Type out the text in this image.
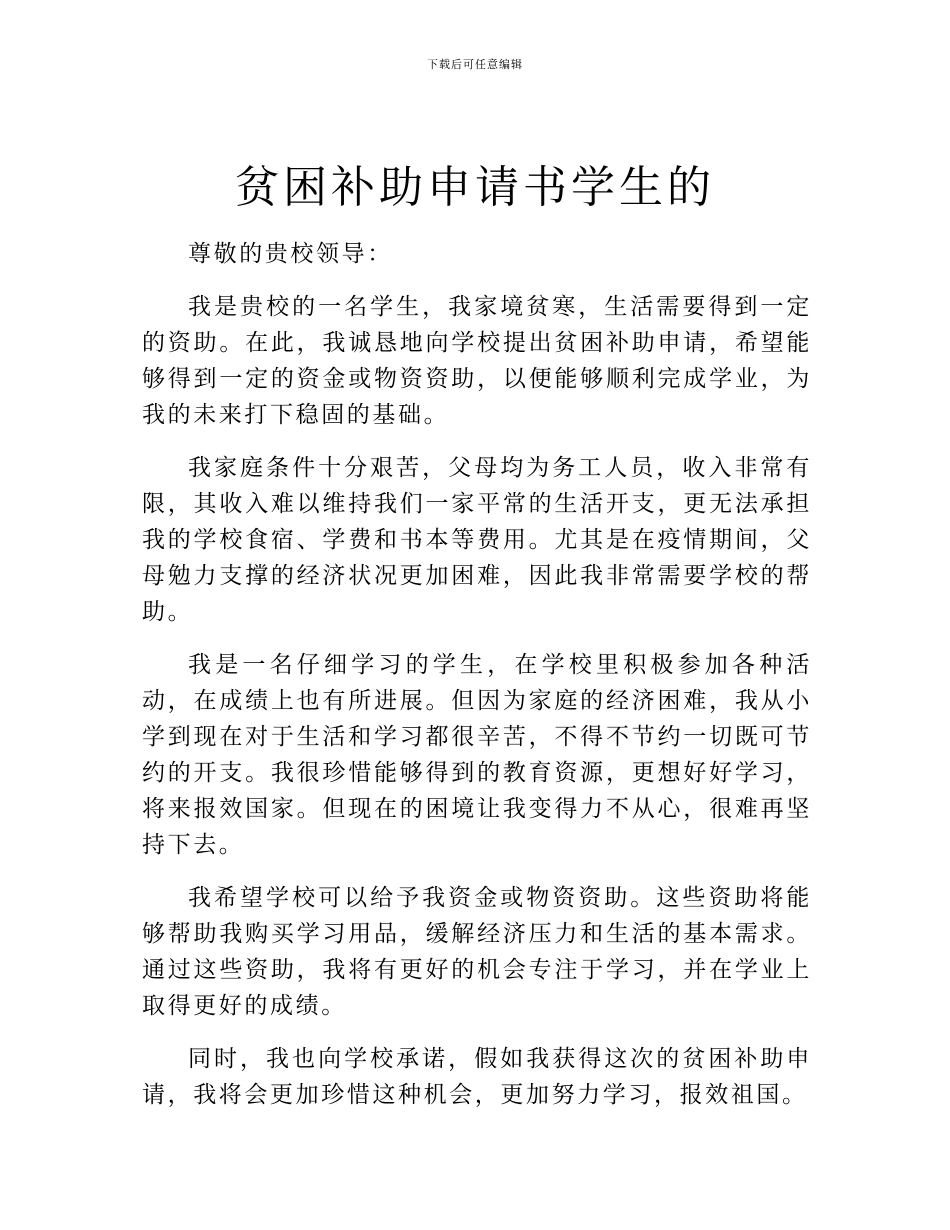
下载后可任意编辑
贫困补助申请书学生的

尊敬的贵校领导：

我是贵校的一名学生，我家境贫寒，生活需要得到一定的资助。在此，我诚恳地向学校提出贫困补助申请，希望能够得到一定的资金或物资资助，以便能够顺利完成学业，为我的未来打下稳固的基础。

我家庭条件十分艰苦，父母均为务工人员，收入非常有限，其收入难以维持我们一家平常的生活开支，更无法承担我的学校食宿、学费和书本等费用。尤其是在疫情期间，父母勉力支撑的经济状况更加困难，因此我非常需要学校的帮助。

我是一名仔细学习的学生，在学校里积极参加各种活动，在成绩上也有所进展。但因为家庭的经济困难，我从小学到现在对于生活和学习都很辛苦，不得不节约一切既可节约的开支。我很珍惜能够得到的教育资源，更想好好学习，将来报效国家。但现在的困境让我变得力不从心，很难再坚持下去。

我希望学校可以给予我资金或物资资助。这些资助将能够帮助我购买学习用品，缓解经济压力和生活的基本需求。通过这些资助，我将有更好的机会专注于学习，并在学业上取得更好的成绩。

同时，我也向学校承诺，假如我获得这次的贫困补助申请，我将会更加珍惜这种机会，更加努力学习，报效祖国。
